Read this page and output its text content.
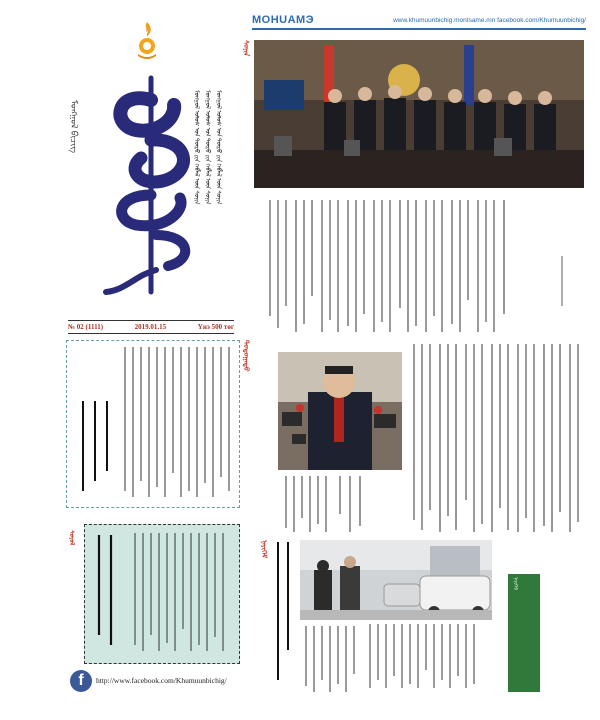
MOHUAMЭ	www.khumuunbichig.montsame.mn facebook.com/Khumuunbichig/
ᠮᠣᠩᠭᠣᠯ ᠪᠢᠴᠢᠭ	ᠮᠣᠩᠭᠣᠯ ᠤᠯᠤᠰ ᠤᠨ ᠲᠥᠷᠥ ᠶᠢᠨ ᠬᠡᠪᠯᠡᠯ ᠦᠨ ᠰᠣᠨᠢᠨ ᠮᠣᠩᠭᠣᠯ ᠤᠯᠤᠰ ᠤᠨ ᠲᠥᠷᠥ ᠶᠢᠨ ᠬᠡᠪᠯᠡᠯ ᠦᠨ ᠰᠣᠨᠢᠨ ᠮᠣᠩᠭᠣᠯ ᠤᠯᠤᠰ ᠤᠨ ᠲᠥᠷᠥ ᠶᠢᠨ ᠬᠡᠪᠯᠡᠯ ᠦᠨ ᠰᠣᠨᠢᠨ
№ 02 (1111)	2019.01.15	Үнэ 500 төг
ᠰᠣᠨᠢᠨ
ᠳᠣᠲᠣᠭᠠᠳᠤ
ᠨᠡᠶᠢᠭᠡᠮ
ᠰᠣᠶᠣᠯ
ᠨᠡᠶᠢᠭᠡᠮ
f	http://www.facebook.com/Khumuunbichig/
